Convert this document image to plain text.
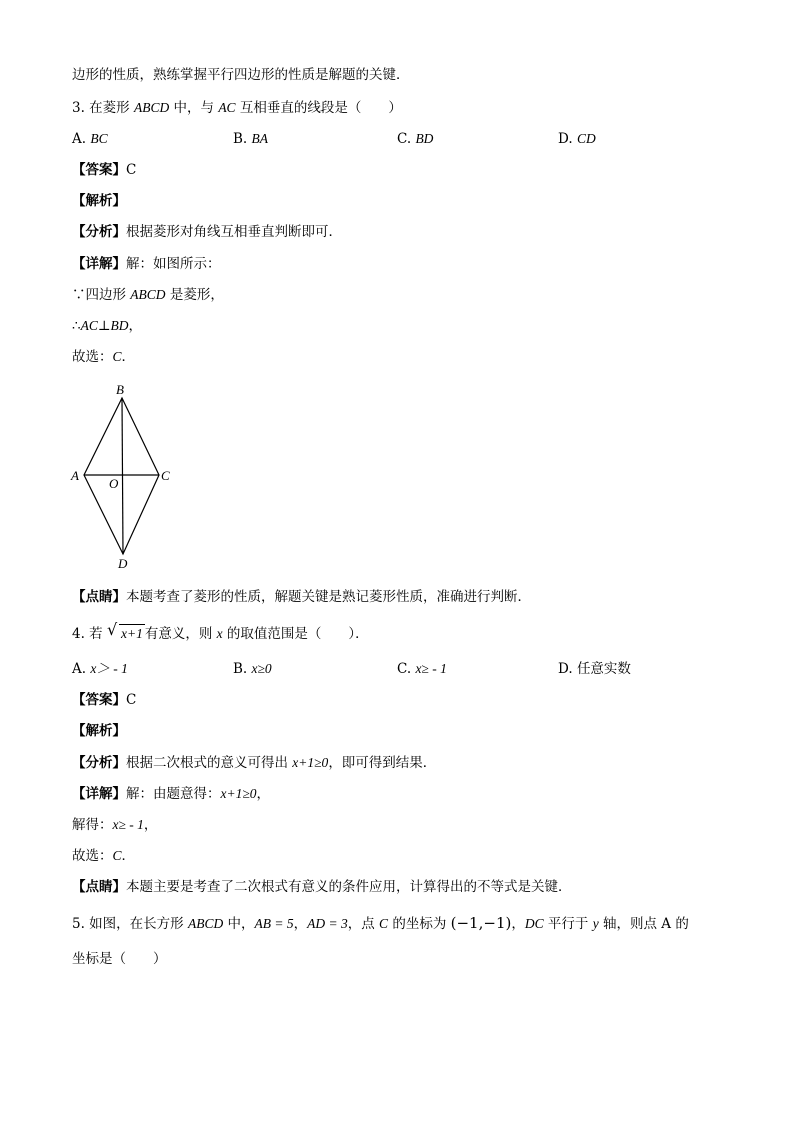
边形的性质，熟练掌握平行四边形的性质是解题的关键．
3. 在菱形 ABCD 中，与 AC 互相垂直的线段是（　　）
A. BC	B. BA	C. BD	D. CD
【答案】C
【解析】
【分析】根据菱形对角线互相垂直判断即可．
【详解】解：如图所示：
∵四边形 ABCD 是菱形，
∴AC⊥BD，
故选：C．
B
A	C
O
D
【点睛】本题考查了菱形的性质，解题关键是熟记菱形性质，准确进行判断．
4. 若 √ x+1 有意义，则 x 的取值范围是（　　）．
A. x＞ - 1	B. x≥0	C. x≥ - 1	D. 任意实数
【答案】C
【解析】
【分析】根据二次根式的意义可得出 x+1≥0，即可得到结果．
【详解】解：由题意得：x+1≥0，
解得：x≥ - 1，
故选：C．
【点睛】本题主要是考查了二次根式有意义的条件应用，计算得出的不等式是关键．
5. 如图，在长方形 ABCD 中，AB = 5，AD = 3，点 C 的坐标为 (−1,−1)，DC 平行于 y 轴，则点 A 的
坐标是（　　）
